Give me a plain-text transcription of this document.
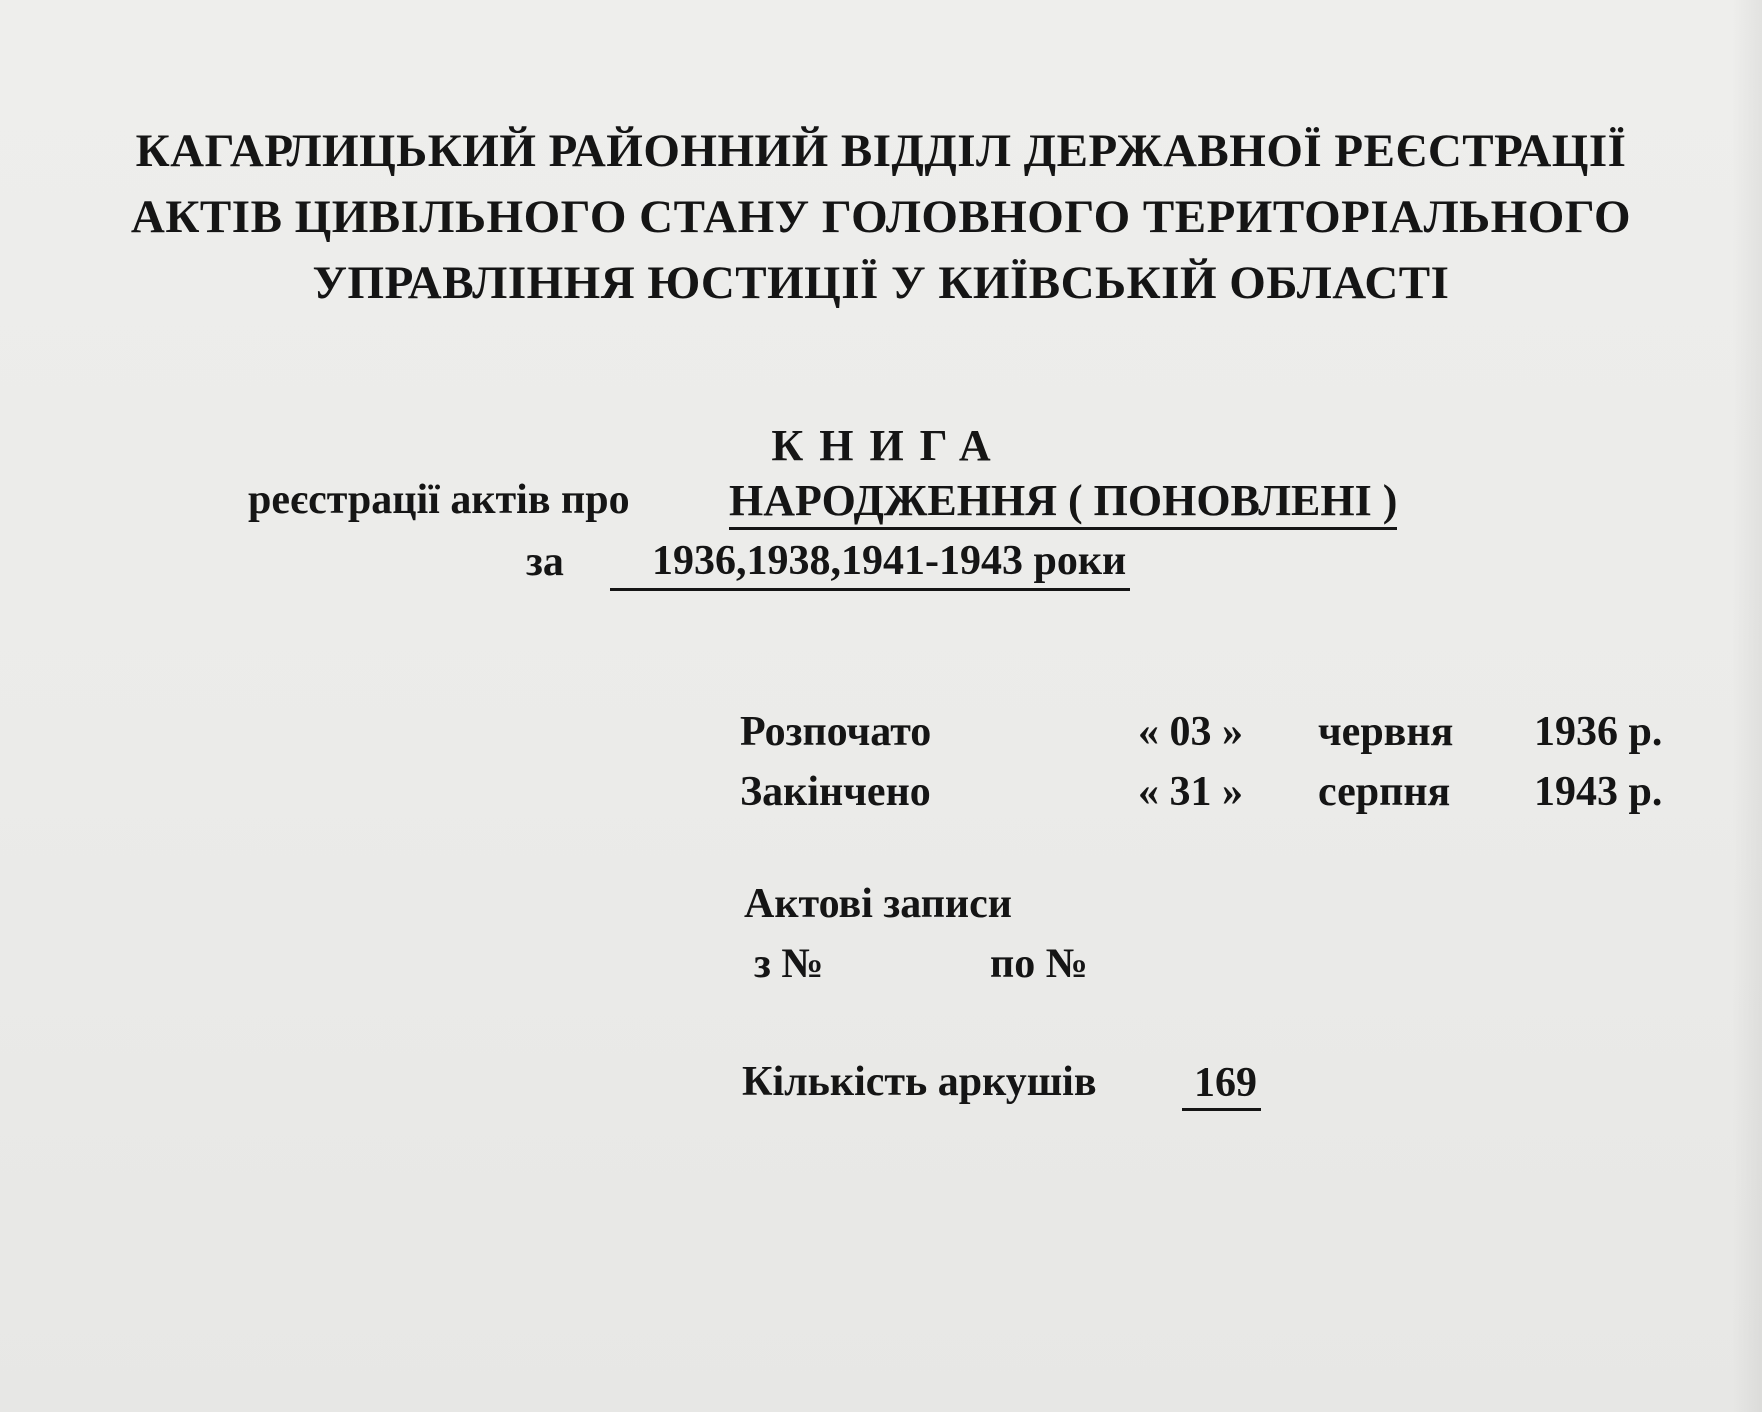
КАГАРЛИЦЬКИЙ РАЙОННИЙ ВІДДІЛ ДЕРЖАВНОЇ РЕЄСТРАЦІЇ
АКТІВ ЦИВІЛЬНОГО СТАНУ ГОЛОВНОГО ТЕРИТОРІАЛЬНОГО
УПРАВЛІННЯ ЮСТИЦІЇ У КИЇВСЬКІЙ ОБЛАСТІ
КНИГА
реєстрації актів про НАРОДЖЕННЯ ( ПОНОВЛЕНІ )
за	1936,1938,1941-1943 роки
Розпочато	« 03 » червня 1936 р.
Закінчено	« 31 » серпня 1943 р.
Актові записи
з №	по №
Кількість аркушів 169
